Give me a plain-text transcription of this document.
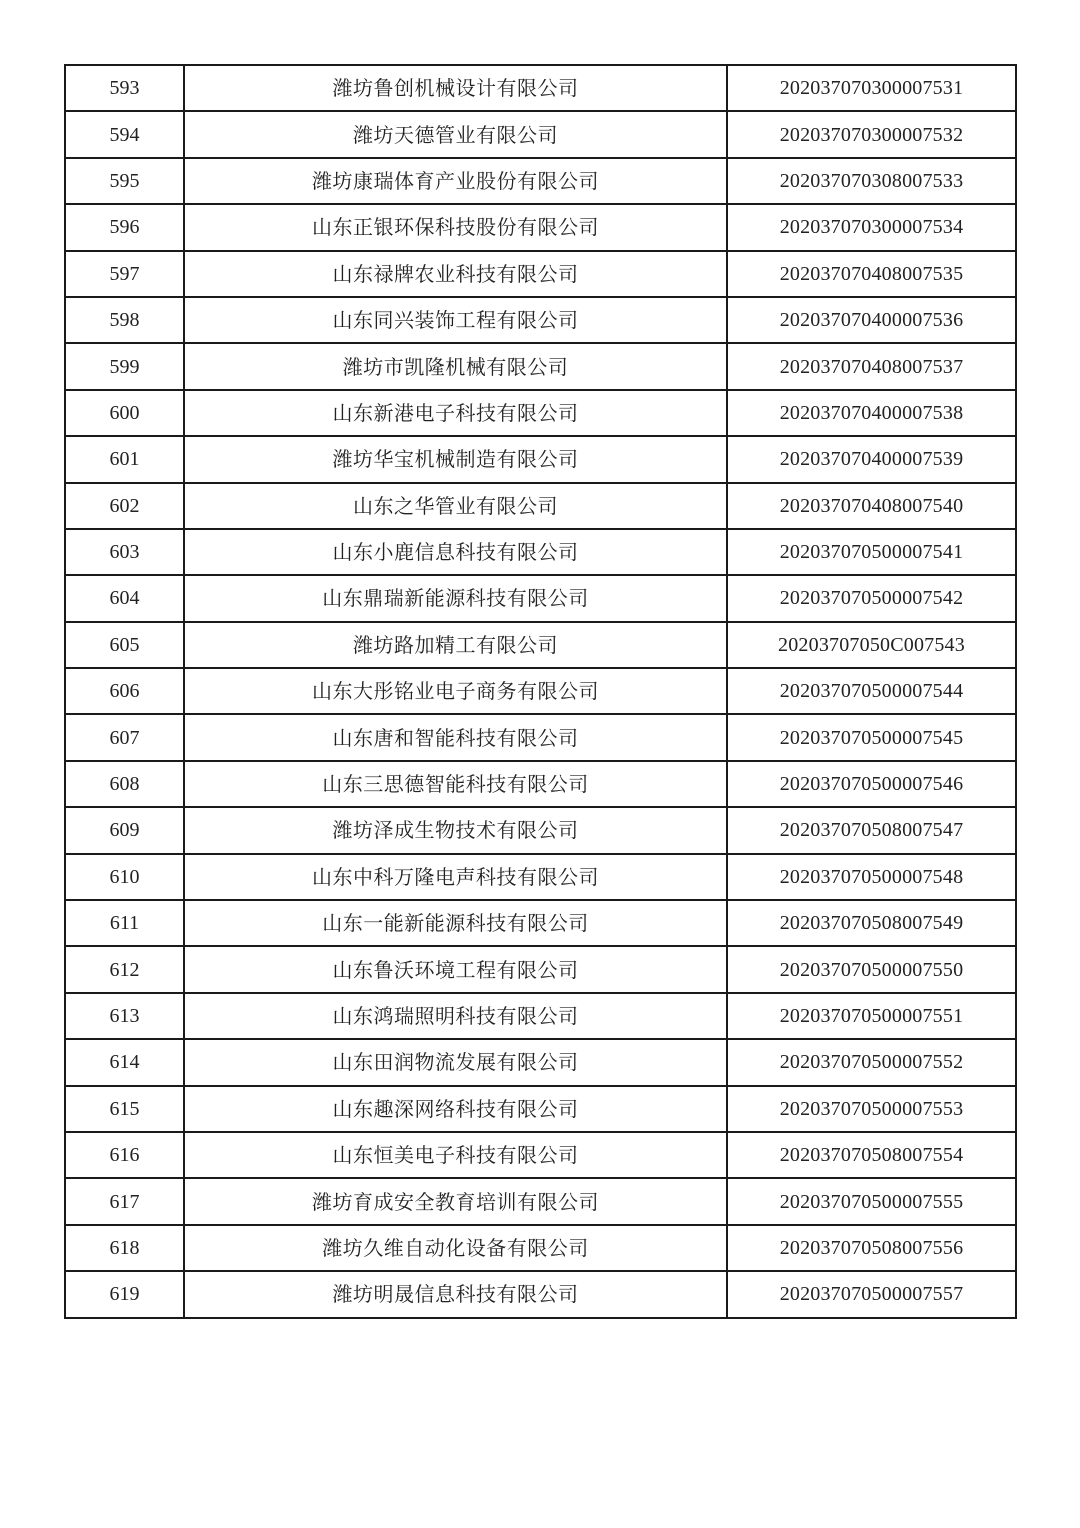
593	潍坊鲁创机械设计有限公司	202037070300007531
594	潍坊天德管业有限公司	202037070300007532
595	潍坊康瑞体育产业股份有限公司	202037070308007533
596	山东正银环保科技股份有限公司	202037070300007534
597	山东禄牌农业科技有限公司	202037070408007535
598	山东同兴装饰工程有限公司	202037070400007536
599	潍坊市凯隆机械有限公司	202037070408007537
600	山东新港电子科技有限公司	202037070400007538
601	潍坊华宝机械制造有限公司	202037070400007539
602	山东之华管业有限公司	202037070408007540
603	山东小鹿信息科技有限公司	202037070500007541
604	山东鼎瑞新能源科技有限公司	202037070500007542
605	潍坊路加精工有限公司	20203707050C007543
606	山东大彤铭业电子商务有限公司	202037070500007544
607	山东唐和智能科技有限公司	202037070500007545
608	山东三思德智能科技有限公司	202037070500007546
609	潍坊泽成生物技术有限公司	202037070508007547
610	山东中科万隆电声科技有限公司	202037070500007548
611	山东一能新能源科技有限公司	202037070508007549
612	山东鲁沃环境工程有限公司	202037070500007550
613	山东鸿瑞照明科技有限公司	202037070500007551
614	山东田润物流发展有限公司	202037070500007552
615	山东趣深网络科技有限公司	202037070500007553
616	山东恒美电子科技有限公司	202037070508007554
617	潍坊育成安全教育培训有限公司	202037070500007555
618	潍坊久维自动化设备有限公司	202037070508007556
619	潍坊明晟信息科技有限公司	202037070500007557
